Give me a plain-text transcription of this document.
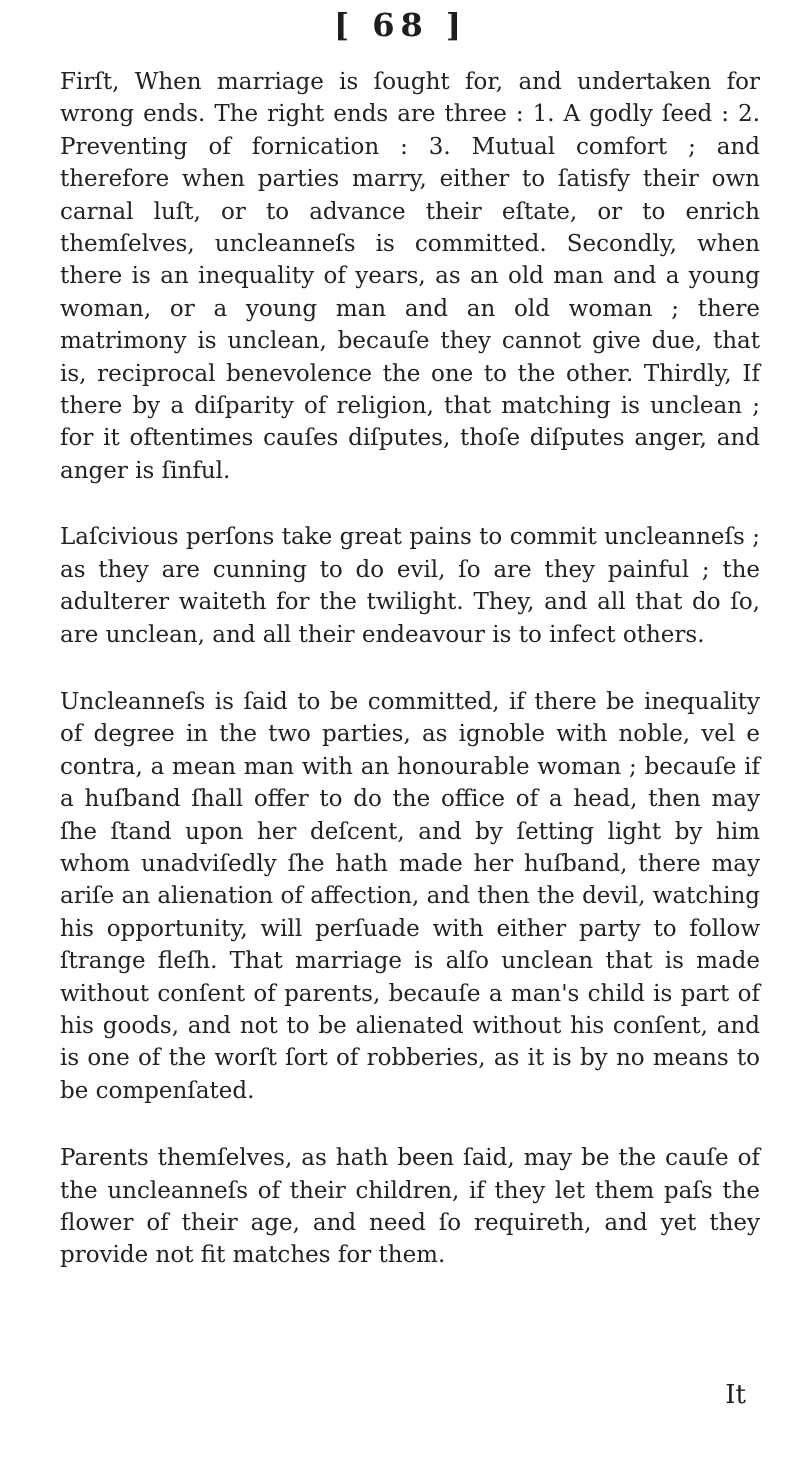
[ 68 ]

Firſt, When marriage is ſought for, and undertaken for wrong ends. The right ends are three : 1. A godly ſeed : 2. Preventing of fornication : 3. Mutual comfort ; and therefore when parties marry, either to ſatisfy their own carnal luſt, or to advance their eſtate, or to enrich themſelves, uncleanneſs is committed. Secondly, when there is an inequality of years, as an old man and a young woman, or a young man and an old woman ; there matrimony is unclean, becauſe they cannot give due, that is, reciprocal benevolence the one to the other. Thirdly, If there by a diſparity of religion, that matching is unclean ; for it oftentimes cauſes diſputes, thoſe diſputes anger, and anger is ſinful.

Laſcivious perſons take great pains to commit uncleanneſs ; as they are cunning to do evil, ſo are they painful ; the adulterer waiteth for the twilight. They, and all that do ſo, are unclean, and all their endeavour is to infect others.

Uncleanneſs is ſaid to be committed, if there be inequality of degree in the two parties, as ignoble with noble, vel e contra, a mean man with an honourable woman ; becauſe if a huſband ſhall offer to do the office of a head, then may ſhe ſtand upon her deſcent, and by ſetting light by him whom unadviſedly ſhe hath made her huſband, there may ariſe an alienation of affection, and then the devil, watching his opportunity, will perſuade with either party to follow ſtrange fleſh. That marriage is alſo unclean that is made without conſent of parents, becauſe a man's child is part of his goods, and not to be alienated without his conſent, and is one of the worſt ſort of robberies, as it is by no means to be compenſated.

Parents themſelves, as hath been ſaid, may be the cauſe of the uncleanneſs of their children, if they let them paſs the flower of their age, and need ſo requireth, and yet they provide not fit matches for them.

It
